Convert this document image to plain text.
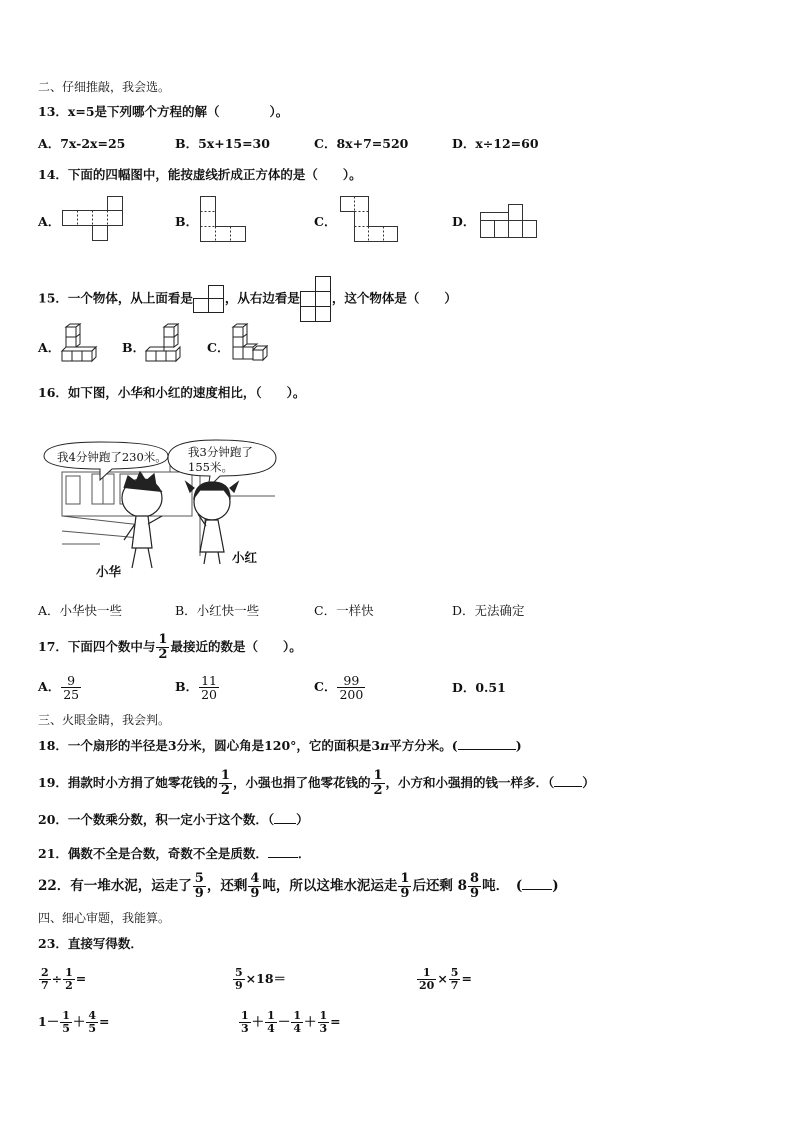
二、仔细推敲，我会选。
13．x=5是下列哪个方程的解（　　　　）。
A．7x-2x=25	B．5x+15=30	C．8x+7=520	D．x÷12=60
14．下面的四幅图中，能按虚线折成正方体的是（　　）。
A．	B．	C．	D．
15．一个物体，从上面看是	，从右边看是	，这个物体是（　　）
A．	B．	C．
16．如下图，小华和小红的速度相比，（　　）。
我4分钟跑了230米。 我3分钟跑了
155米。
小华
小红
A．小华快一些	B．小红快一些	C．一样快	D．无法确定
17．下面四个数中与 $\frac{1}{2}$ 最接近的数是（　　）。
A． $\frac{9}{25}$	B． $\frac{11}{20}$	C． $\frac{99}{200}$	D．0.51
三、火眼金睛，我会判。
18．一个扇形的半径是3分米，圆心角是120°，它的面积是3π平方分米。(	)
19．捐款时小方捐了她零花钱的 $\frac{1}{2}$ ，小强也捐了他零花钱的 $\frac{1}{2}$ ，小方和小强捐的钱一样多．（ ）
20．一个数乘分数，积一定小于这个数．（ ）
21．偶数不全是合数，奇数不全是质数． ．
22．有一堆水泥，运走了 $\frac{5}{9}$ ，还剩 $\frac{4}{9}$ 吨，所以这堆水泥运走 $\frac{1}{9}$ 后还剩 $8 \frac{8}{9}$ 吨．　( )
四、细心审题，我能算。
23．直接写得数．
$\frac{2}{7} \div \frac{1}{2}$ =	$\frac{5}{9} \times 18=$	$\frac{1}{20} \times \frac{5}{7}$ =
$1- \frac{1}{5} + \frac{4}{5}$ =	$\frac{1}{3} + \frac{1}{4} - \frac{1}{4} + \frac{1}{3}$ =
